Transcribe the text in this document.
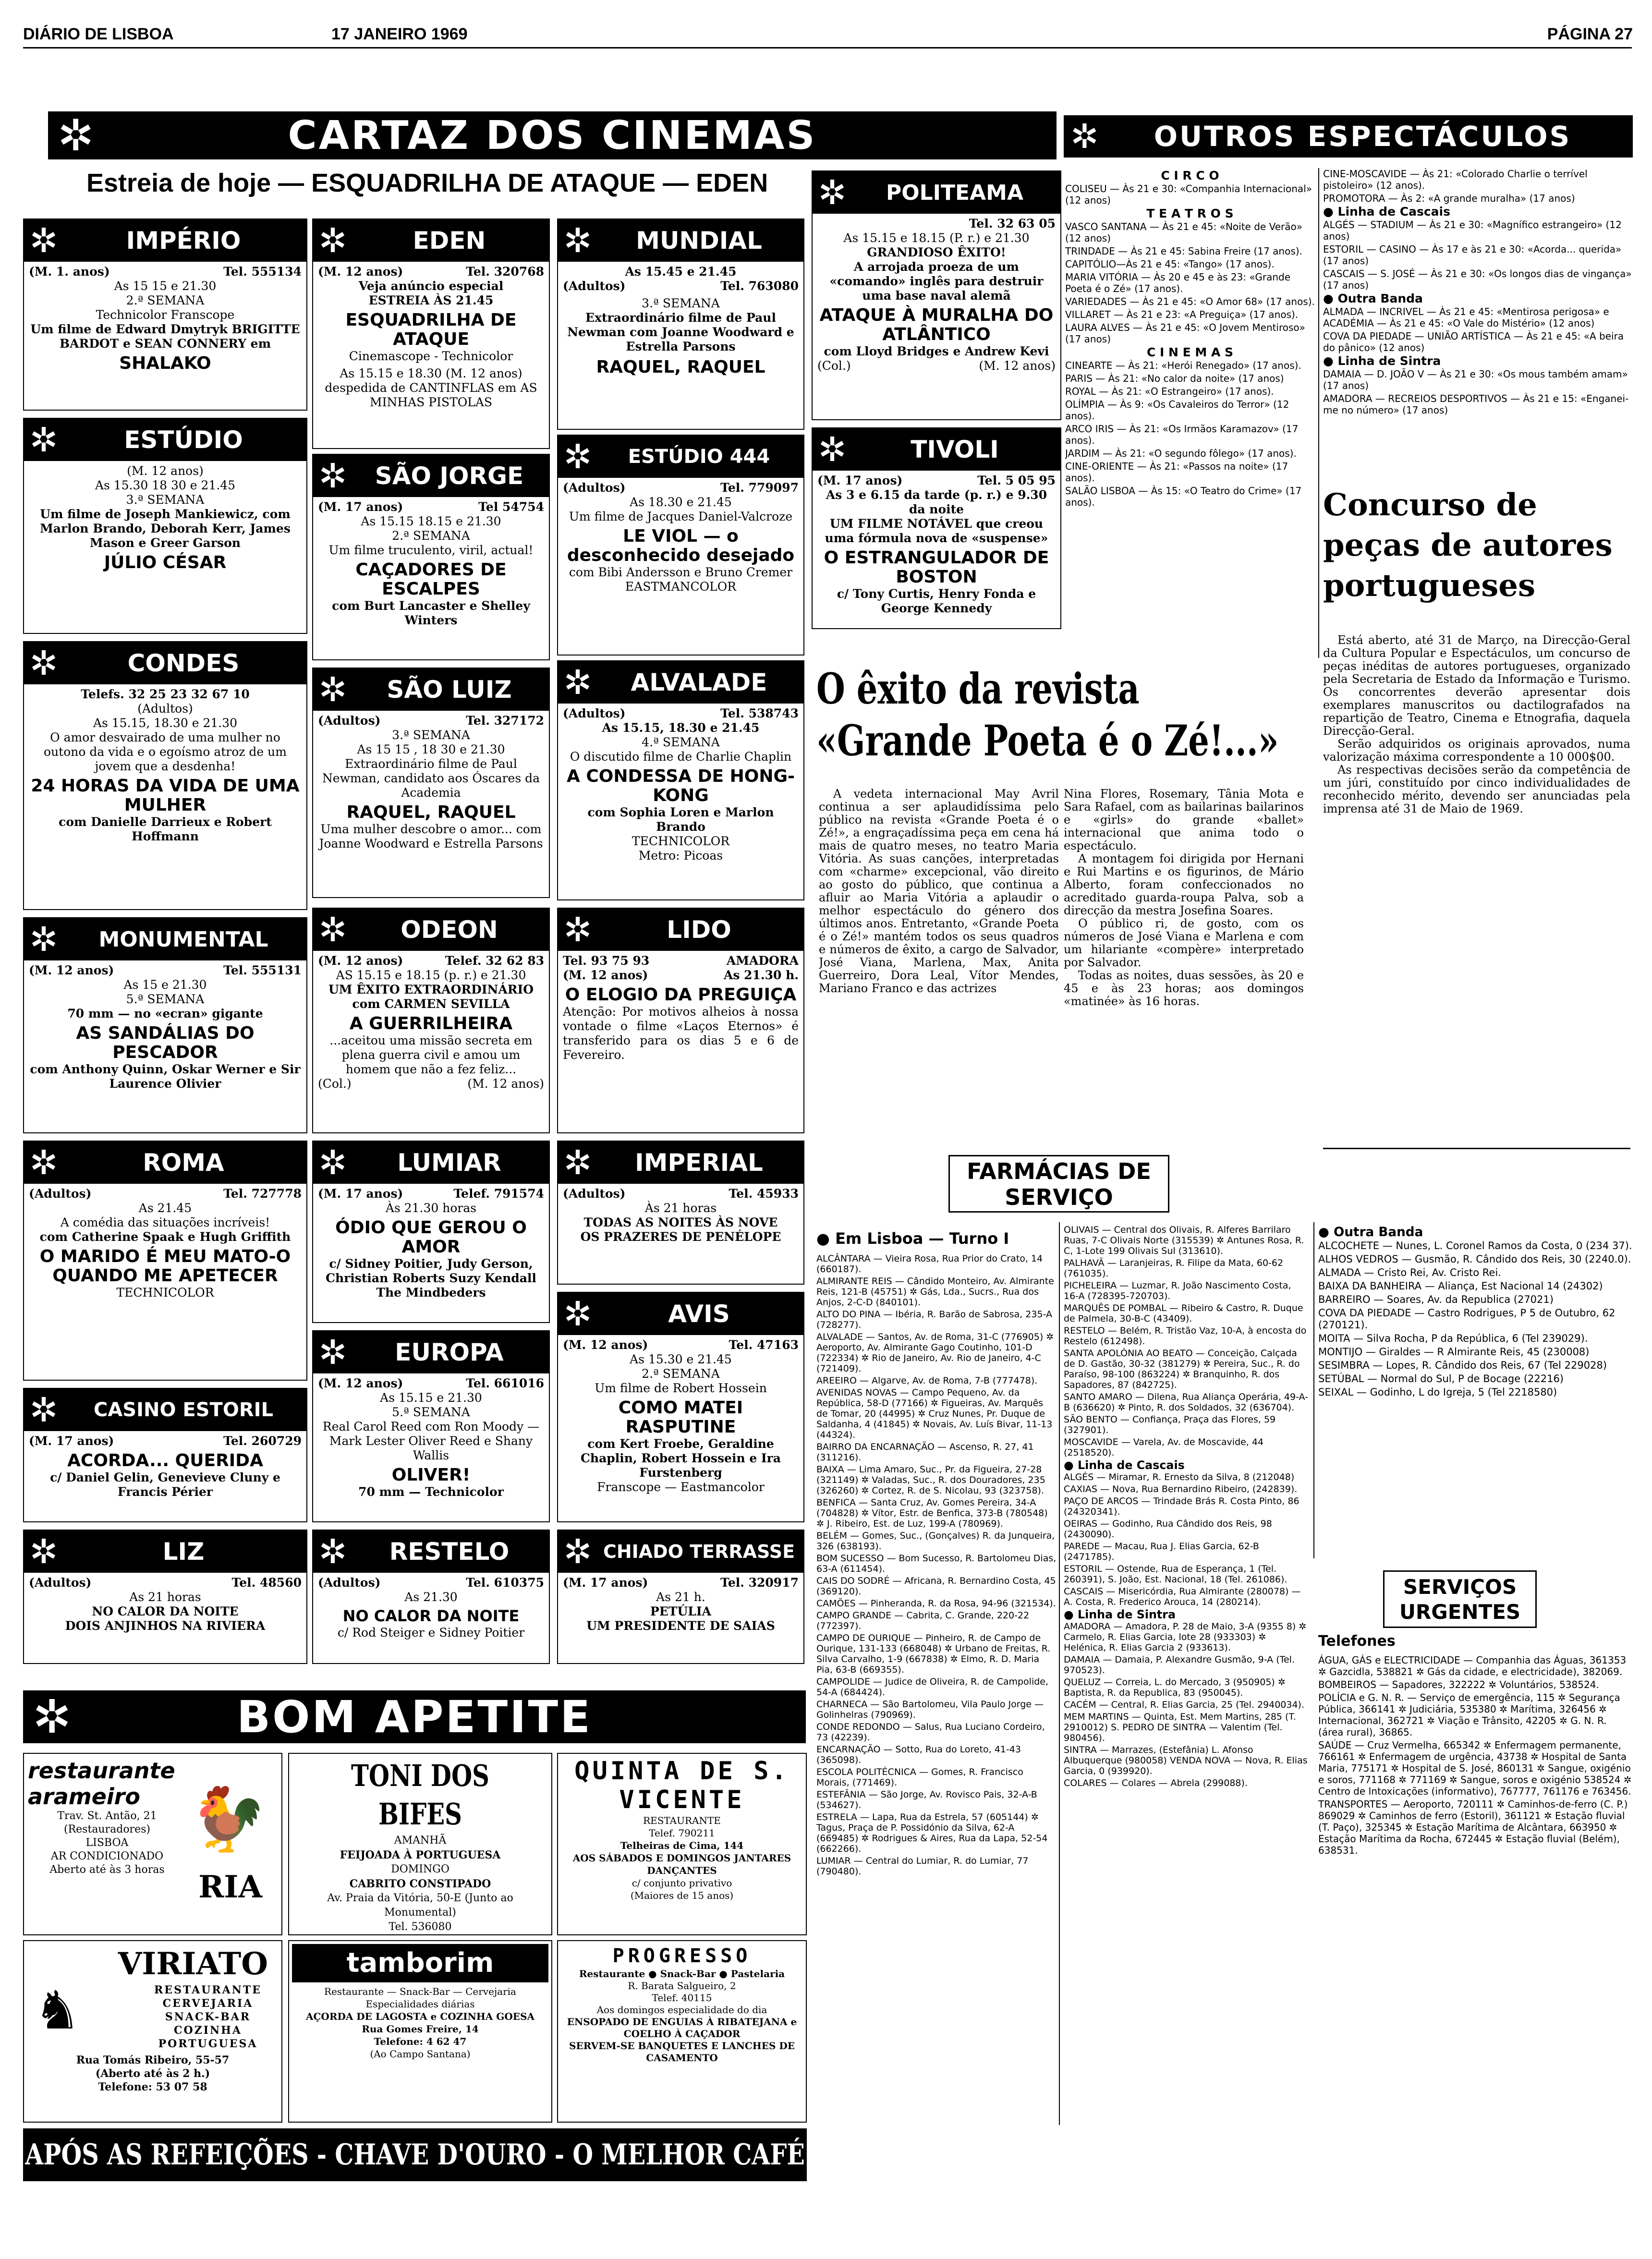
DIÁRIO DE LISBOA	17 JANEIRO 1969	PÁGINA 27
✲	CARTAZ DOS CINEMAS
Estreia de hoje — ESQUADRILHA DE ATAQUE — EDEN
✲ OUTROS ESPECTÁCULOS
✲	IMPÉRIO
(M. 1. anos)	Tel. 555134
As 15 15 e 21.30
2.ª SEMANA
Technicolor Franscope
Um filme de Edward Dmytryk BRIGITTE BARDOT e SEAN CONNERY em
SHALAKO
✲	ESTÚDIO
(M. 12 anos)
As 15.30 18 30 e 21.45
3.ª SEMANA
Um filme de Joseph Mankiewicz, com Marlon Brando, Deborah Kerr, James Mason e Greer Garson
JÚLIO CÉSAR
✲	CONDES
Telefs. 32 25 23 32 67 10
(Adultos)
As 15.15, 18.30 e 21.30
O amor desvairado de uma mulher no outono da vida e o egoísmo atroz de um jovem que a desdenha!
24 HORAS DA VIDA DE UMA MULHER
com Danielle Darrieux e Robert Hoffmann
✲	MONUMENTAL
(M. 12 anos)	Tel. 555131
As 15 e 21.30
5.ª SEMANA
70 mm — no «ecran» gigante
AS SANDÁLIAS DO PESCADOR
com Anthony Quinn, Oskar Werner e Sir Laurence Olivier
✲	ROMA
(Adultos)	Tel. 727778
As 21.45
A comédia das situações incríveis!
com Catherine Spaak e Hugh Griffith
O MARIDO É MEU MATO-O QUANDO ME APETECER
TECHNICOLOR
✲	CASINO ESTORIL
(M. 17 anos)	Tel. 260729
ACORDA... QUERIDA
c/ Daniel Gelin, Genevieve Cluny e Francis Périer
✲	LIZ
(Adultos)	Tel. 48560
As 21 horas
NO CALOR DA NOITE
DOIS ANJINHOS NA RIVIERA
✲	EDEN
(M. 12 anos)	Tel. 320768
Veja anúncio especial
ESTREIA ÀS 21.45
ESQUADRILHA DE ATAQUE
Cinemascope - Technicolor
As 15.15 e 18.30 (M. 12 anos) despedida de CANTINFLAS em AS MINHAS PISTOLAS
✲	SÃO JORGE
(M. 17 anos)	Tel 54754
As 15.15 18.15 e 21.30
2.ª SEMANA
Um filme truculento, viril, actual!
CAÇADORES DE ESCALPES
com Burt Lancaster e Shelley Winters
✲	SÃO LUIZ
(Adultos)	Tel. 327172
3.ª SEMANA
As 15 15 , 18 30 e 21.30
Extraordinário filme de Paul Newman, candidato aos Óscares da Academia
RAQUEL, RAQUEL
Uma mulher descobre o amor... com Joanne Woodward e Estrella Parsons
✲	ODEON
(M. 12 anos)	Telef. 32 62 83
AS 15.15 e 18.15 (p. r.) e 21.30
UM ÊXITO EXTRAORDINÁRIO com CARMEN SEVILLA
A GUERRILHEIRA
...aceitou uma missão secreta em plena guerra civil e amou um homem que não a fez feliz...
(Col.)	(M. 12 anos)
✲	LUMIAR
(M. 17 anos)	Telef. 791574
Às 21.30 horas
ÓDIO QUE GEROU O AMOR
c/ Sidney Poitier, Judy Gerson, Christian Roberts Suzy Kendall The Mindbeders
✲	EUROPA
(M. 12 anos)	Tel. 661016
As 15.15 e 21.30
5.ª SEMANA
Real Carol Reed com Ron Moody — Mark Lester Oliver Reed e Shany Wallis
OLIVER!
70 mm — Technicolor
✲	RESTELO
(Adultos)	Tel. 610375
As 21.30
NO CALOR DA NOITE
c/ Rod Steiger e Sidney Poitier
✲	MUNDIAL
As 15.45 e 21.45
(Adultos)	Tel. 763080
3.ª SEMANA
Extraordinário filme de Paul Newman com Joanne Woodward e Estrella Parsons
RAQUEL, RAQUEL
✲	ESTÚDIO 444
(Adultos)	Tel. 779097
As 18.30 e 21.45
Um filme de Jacques Daniel-Valcroze
LE VIOL — o desconhecido desejado
com Bibi Andersson e Bruno Cremer
EASTMANCOLOR
✲	ALVALADE
(Adultos)	Tel. 538743
As 15.15, 18.30 e 21.45
4.ª SEMANA
O discutido filme de Charlie Chaplin
A CONDESSA DE HONG-KONG
com Sophia Loren e Marlon Brando
TECHNICOLOR
Metro: Picoas
✲	LIDO
Tel. 93 75 93	AMADORA
(M. 12 anos)	As 21.30 h.
O ELOGIO DA PREGUIÇA
Atenção: Por motivos alheios à nossa vontade o filme «Laços Eternos» é transferido para os dias 5 e 6 de Fevereiro.
✲	IMPERIAL
(Adultos)	Tel. 45933
Às 21 horas
TODAS AS NOITES ÀS NOVE
OS PRAZERES DE PENÉLOPE
✲	AVIS
(M. 12 anos)	Tel. 47163
As 15.30 e 21.45
2.ª SEMANA
Um filme de Robert Hossein
COMO MATEI RASPUTINE
com Kert Froebe, Geraldine Chaplin, Robert Hossein e Ira Furstenberg
Franscope — Eastmancolor
✲ CHIADO TERRASSE
(M. 17 anos)	Tel. 320917
As 21 h.
PETÚLIA
UM PRESIDENTE DE SAIAS
✲	POLITEAMA
Tel. 32 63 05
As 15.15 e 18.15 (P. r.) e 21.30
GRANDIOSO ÊXITO!
A arrojada proeza de um «comando» inglês para destruir uma base naval alemã
ATAQUE À MURALHA DO ATLÂNTICO
com Lloyd Bridges e Andrew Kevi
(Col.)	(M. 12 anos)
✲	TIVOLI
(M. 17 anos)	Tel. 5 05 95
As 3 e 6.15 da tarde (p. r.) e 9.30 da noite
UM FILME NOTÁVEL que creou uma fórmula nova de «suspense»
O ESTRANGULADOR DE BOSTON
c/ Tony Curtis, Henry Fonda e George Kennedy
O êxito da revista «Grande Poeta é o Zé!...»
A vedeta internacional May Avril continua a ser aplaudidíssima pelo público na revista «Grande Poeta é o Zé!», a engraçadíssima peça em cena há mais de quatro meses, no teatro Maria Vitória. As suas canções, interpretadas com «charme» excepcional, vão direito ao gosto do público, que continua a afluir ao Maria Vitória a aplaudir o melhor espectáculo do género dos últimos anos. Entretanto, «Grande Poeta é o Zé!» mantém todos os seus quadros e números de êxito, a cargo de Salvador, José Viana, Marlena, Max, Anita Guerreiro, Dora Leal, Vítor Mendes, Mariano Franco e das actrizes
Nina Flores, Rosemary, Tânia Mota e Sara Rafael, com as bailarinas bailarinos e «girls» do grande «ballet» internacional que anima todo o espectáculo.
A montagem foi dirigida por Hernani e Rui Martins e os figurinos, de Mário Alberto, foram confeccionados no acreditado guarda-roupa Palva, sob a direcção da mestra Josefina Soares.
O público ri, de gosto, com os números de José Viana e Marlena e com um hilariante «compère» interpretado por Salvador.
Todas as noites, duas sessões, às 20 e 45 e às 23 horas; aos domingos «matinée» às 16 horas.
C I R C O
COLISEU — Às 21 e 30: «Companhia Internacional» (12 anos)
T E A T R O S
VASCO SANTANA — Às 21 e 45: «Noite de Verão» (12 anos)
TRINDADE — Às 21 e 45: Sabina Freire (17 anos).
CAPITÓLIO—Às 21 e 45: «Tango» (17 anos).
MARIA VITÓRIA — Às 20 e 45 e às 23: «Grande Poeta é o Zé» (17 anos).
VARIEDADES — Às 21 e 45: «O Amor 68» (17 anos).
VILLARET — Às 21 e 23: «A Preguiça» (17 anos).
LAURA ALVES — Às 21 e 45: «O Jovem Mentiroso» (17 anos)
C I N E M A S
CINEARTE — Às 21: «Herói Renegado» (17 anos).
PARIS — Às 21: «No calor da noite» (17 anos)
ROYAL — Às 21: «O Estrangeiro» (17 anos).
OLÍMPIA — Às 9: «Os Cavaleiros do Terror» (12 anos).
ARCO IRIS — Às 21: «Os Irmãos Karamazov» (17 anos).
JARDIM — Às 21: «O segundo fôlego» (17 anos).
CINE-ORIENTE — Às 21: «Passos na noite» (17 anos).
SALÃO LISBOA — Às 15: «O Teatro do Crime» (17 anos).
CINE-MOSCAVIDE — Às 21: «Colorado Charlie o terrível pistoleiro» (12 anos).
PROMOTORA — Às 2: «A grande muralha» (17 anos)
● Linha de Cascais
ALGÉS — STADIUM — Às 21 e 30: «Magnífico estrangeiro» (12 anos)
ESTORIL — CASINO — Às 17 e às 21 e 30: «Acorda... querida» (17 anos)
CASCAIS — S. JOSÉ — Às 21 e 30: «Os longos dias de vingança» (17 anos)
● Outra Banda
ALMADA — INCRIVEL — Às 21 e 45: «Mentirosa perigosa» e ACADÉMIA — Às 21 e 45: «O Vale do Mistério» (12 anos)
COVA DA PIEDADE — UNIÃO ARTÍSTICA — Às 21 e 45: «A beira do pânico» (12 anos)
● Linha de Sintra
DAMAIA — D. JOÃO V — Às 21 e 30: «Os mous também amam» (17 anos)
AMADORA — RECREIOS DESPORTIVOS — Às 21 e 15: «Enganei-me no número» (17 anos)
Concurso de peças de autores portugueses
Está aberto, até 31 de Março, na Direcção-Geral da Cultura Popular e Espectáculos, um concurso de peças inéditas de autores portugueses, organizado pela Secretaria de Estado da Informação e Turismo. Os concorrentes deverão apresentar dois exemplares manuscritos ou dactilografados na repartição de Teatro, Cinema e Etnografia, daquela Direcção-Geral.
Serão adquiridos os originais aprovados, numa valorização máxima correspondente a 10 000$00.
As respectivas decisões serão da competência de um júri, constituído por cinco individualidades de reconhecido mérito, devendo ser anunciadas pela imprensa até 31 de Maio de 1969.
FARMÁCIAS DE SERVIÇO
● Em Lisboa — Turno I
ALCÂNTARA — Vieira Rosa, Rua Prior do Crato, 14 (660187).
ALMIRANTE REIS — Cândido Monteiro, Av. Almirante Reis, 121-B (45751) ✲ Gás, Lda., Sucrs., Rua dos Anjos, 2-C-D (840101).
ALTO DO PINA — Ibéria, R. Barão de Sabrosa, 235-A (728277).
ALVALADE — Santos, Av. de Roma, 31-C (776905) ✲ Aeroporto, Av. Almirante Gago Coutinho, 101-D (722334) ✲ Rio de Janeiro, Av. Rio de Janeiro, 4-C (721409).
AREEIRO — Algarve, Av. de Roma, 7-B (777478).
AVENIDAS NOVAS — Campo Pequeno, Av. da República, 58-D (77166) ✲ Figueiras, Av. Marquês de Tomar, 20 (44995) ✲ Cruz Nunes, Pr. Duque de Saldanha, 4 (41845) ✲ Novais, Av. Luís Bivar, 11-13 (44324).
BAIRRO DA ENCARNAÇÃO — Ascenso, R. 27, 41 (311216).
BAIXA — Lima Amaro, Suc., Pr. da Figueira, 27-28 (321149) ✲ Valadas, Suc., R. dos Douradores, 235 (326260) ✲ Cortez, R. de S. Nicolau, 93 (323758).
BENFICA — Santa Cruz, Av. Gomes Pereira, 34-A (704828) ✲ Vítor, Estr. de Benfica, 373-B (780548) ✲ J. Ribeiro, Est. de Luz, 199-A (780969).
BELÉM — Gomes, Suc., (Gonçalves) R. da Junqueira, 326 (638193).
BOM SUCESSO — Bom Sucesso, R. Bartolomeu Dias, 63-A (611454).
CAIS DO SODRÉ — Africana, R. Bernardino Costa, 45 (369120).
CAMÕES — Pinheranda, R. da Rosa, 94-96 (321534).
CAMPO GRANDE — Cabrita, C. Grande, 220-22 (772397).
CAMPO DE OURIQUE — Pinheiro, R. de Campo de Ourique, 131-133 (668048) ✲ Urbano de Freitas, R. Silva Carvalho, 1-9 (667838) ✲ Elmo, R. D. Maria Pia, 63-B (669355).
CAMPOLIDE — Judice de Oliveira, R. de Campolide, 54-A (684424).
CHARNECA — São Bartolomeu, Vila Paulo Jorge — Golinhelras (790969).
CONDE REDONDO — Salus, Rua Luciano Cordeiro, 73 (42239).
ENCARNAÇÃO — Sotto, Rua do Loreto, 41-43 (365098).
ESCOLA POLITÉCNICA — Gomes, R. Francisco Morais, (771469).
ESTEFÂNIA — São Jorge, Av. Rovisco Pais, 32-A-B (534627).
ESTRELA — Lapa, Rua da Estrela, 57 (605144) ✲ Tagus, Praça de P. Possidónio da Silva, 62-A (669485) ✲ Rodrigues & Aires, Rua da Lapa, 52-54 (662266).
LUMIAR — Central do Lumiar, R. do Lumiar, 77 (790480).
OLIVAIS — Central dos Olivais, R. Alferes Barrilaro Ruas, 7-C Olivais Norte (315539) ✲ Antunes Rosa, R. C, 1-Lote 199 Olivais Sul (313610).
PALHAVÃ — Laranjeiras, R. Filipe da Mata, 60-62 (761035).
PICHELEIRA — Luzmar, R. João Nascimento Costa, 16-A (728395-720703).
MARQUÊS DE POMBAL — Ribeiro & Castro, R. Duque de Palmela, 30-B-C (43409).
RESTELO — Belém, R. Tristão Vaz, 10-A, à encosta do Restelo (612498).
SANTA APOLÓNIA AO BEATO — Conceição, Calçada de D. Gastão, 30-32 (381279) ✲ Pereira, Suc., R. do Paraíso, 98-100 (863224) ✲ Branquinho, R. dos Sapadores, 87 (842725).
SANTO AMARO — Dilena, Rua Aliança Operária, 49-A-B (636620) ✲ Pinto, R. dos Soldados, 32 (636704).
SÃO BENTO — Confiança, Praça das Flores, 59 (327901).
MOSCAVIDE — Varela, Av. de Moscavide, 44 (2518520).
● Linha de Cascais
ALGÉS — Miramar, R. Ernesto da Silva, 8 (212048)
CAXIAS — Nova, Rua Bernardino Ribeiro, (242839).
PAÇO DE ARCOS — Trindade Brás R. Costa Pinto, 86 (24320341).
OEIRAS — Godinho, Rua Cândido dos Reis, 98 (2430090).
PAREDE — Macau, Rua J. Elias Garcia, 62-B (2471785).
ESTORIL — Ostende, Rua de Esperança, 1 (Tel. 260391), S. João, Est. Nacional, 18 (Tel. 261086).
CASCAIS — Misericórdia, Rua Almirante (280078) — A. Costa, R. Frederico Arouca, 14 (280214).
● Linha de Sintra
AMADORA — Amadora, P. 28 de Maio, 3-A (9355 8) ✲ Carmelo, R. Elias Garcia, lote 28 (933303) ✲ Helénica, R. Elias Garcia 2 (933613).
DAMAIA — Damaia, P. Alexandre Gusmão, 9-A (Tel. 970523).
QUELUZ — Correia, L. do Mercado, 3 (950905) ✲ Baptista, R. da Republica, 83 (950045).
CACÉM — Central, R. Elias Garcia, 25 (Tel. 2940034).
MEM MARTINS — Quinta, Est. Mem Martins, 285 (T. 2910012) S. PEDRO DE SINTRA — Valentim (Tel. 980456).
SINTRA — Marrazes, (Estefânia) L. Afonso Albuquerque (980058) VENDA NOVA — Nova, R. Elias Garcia, 0 (939920).
COLARES — Colares — Abrela (299088).
● Outra Banda
ALCOCHETE — Nunes, L. Coronel Ramos da Costa, 0 (234 37).
ALHOS VEDROS — Gusmão, R. Cândido dos Reis, 30 (2240.0).
ALMADA — Cristo Rei, Av. Cristo Rei.
BAIXA DA BANHEIRA — Aliança, Est Nacional 14 (24302)
BARREIRO — Soares, Av. da Republica (27021)
COVA DA PIEDADE — Castro Rodrigues, P 5 de Outubro, 62 (270121).
MOITA — Silva Rocha, P da República, 6 (Tel 239029).
MONTIJO — Giraldes — R Almirante Reis, 45 (230008)
SESIMBRA — Lopes, R. Cândido dos Reis, 67 (Tel 229028)
SETÚBAL — Normal do Sul, P de Bocage (22216)
SEIXAL — Godinho, L do Igreja, 5 (Tel 2218580)
SERVIÇOS URGENTES
Telefones
ÁGUA, GÁS e ELECTRICIDADE — Companhia das Águas, 361353 ✲ Gazcidla, 538821 ✲ Gás da cidade, e electricidade), 382069.
BOMBEIROS — Sapadores, 322222 ✲ Voluntários, 538524.
POLÍCIA e G. N. R. — Serviço de emergência, 115 ✲ Segurança Pública, 366141 ✲ Judiciária, 535380 ✲ Marítima, 326456 ✲ Internacional, 362721 ✲ Viação e Trânsito, 42205 ✲ G. N. R. (área rural), 36865.
SAÚDE — Cruz Vermelha, 665342 ✲ Enfermagem permanente, 766161 ✲ Enfermagem de urgência, 43738 ✲ Hospital de Santa Maria, 775171 ✲ Hospital de S. José, 860131 ✲ Sangue, oxigénio e soros, 771168 ✲ 771169 ✲ Sangue, soros e oxigénio 538524 ✲ Centro de Intoxicações (informativo), 767777, 761176 e 763456.
TRANSPORTES — Aeroporto, 720111 ✲ Caminhos-de-ferro (C. P.) 869029 ✲ Caminhos de ferro (Estoril), 361121 ✲ Estação fluvial (T. Paço), 325345 ✲ Estação Marítima de Alcântara, 663950 ✲ Estação Marítima da Rocha, 672445 ✲ Estação fluvial (Belém), 638531.
✲	BOM APETITE
restaurante
arameiro
Trav. St. Antão, 21
(Restauradores)
LISBOA
AR CONDICIONADO
Aberto até às 3 horas
🐓
RIA
TONI DOS BIFES
AMANHÃ
FEIJOADA À PORTUGUESA
DOMINGO
CABRITO CONSTIPADO
Av. Praia da Vitória, 50-E (Junto ao Monumental)
Tel. 536080
QUINTA DE S. VICENTE
RESTAURANTE
Telef. 790211
Telheiras de Cima, 144
AOS SÁBADOS E DOMINGOS JANTARES DANÇANTES
c/ conjunto privativo
(Maiores de 15 anos)
VIRIATO
♞	RESTAURANTE CERVEJARIA SNACK-BAR COZINHA PORTUGUESA
Rua Tomás Ribeiro, 55-57
(Aberto até às 2 h.)
Telefone: 53 07 58
tamborim
Restaurante — Snack-Bar — Cervejaria
Especialidades diárias
AÇORDA DE LAGOSTA e COZINHA GOESA
Rua Gomes Freire, 14
Telefone: 4 62 47
(Ao Campo Santana)
PROGRESSO
Restaurante ● Snack-Bar ● Pastelaria
R. Barata Salgueiro, 2
Telef. 40115
Aos domingos especialidade do dia
ENSOPADO DE ENGUIAS À RIBATEJANA e COELHO À CAÇADOR
SERVEM-SE BANQUETES E LANCHES DE CASAMENTO
APÓS AS REFEIÇÕES - CHAVE D'OURO - O MELHOR CAFÉ
